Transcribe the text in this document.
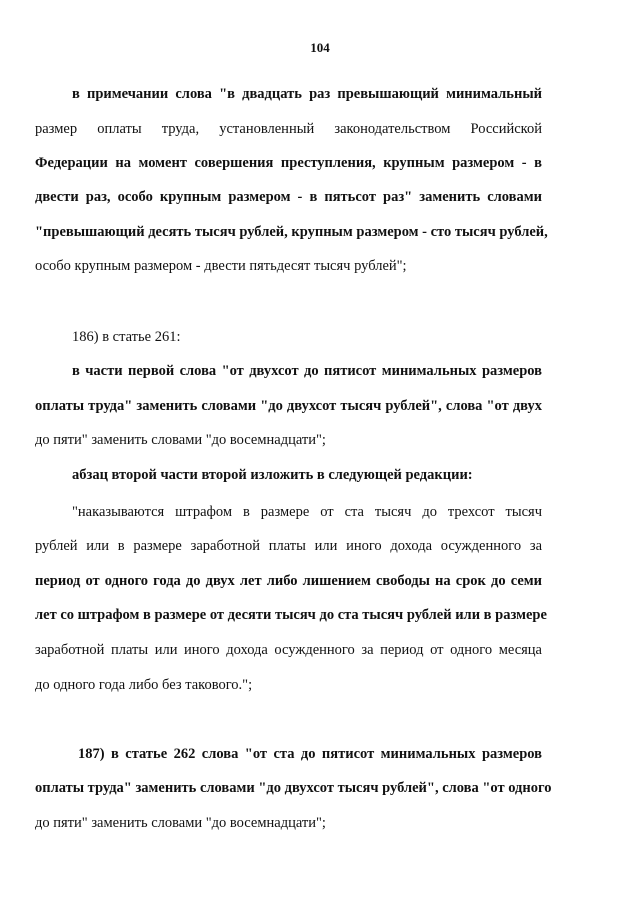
104
в примечании слова "в двадцать раз превышающий минимальный
размер оплаты труда, установленный законодательством Российской
Федерации на момент совершения преступления, крупным размером - в
двести раз, особо крупным размером - в пятьсот раз" заменить словами
"превышающий десять тысяч рублей, крупным размером - сто тысяч рублей,
особо крупным размером - двести пятьдесят тысяч рублей";
186) в статье 261:
в части первой слова "от двухсот до пятисот минимальных размеров
оплаты труда" заменить словами "до двухсот тысяч рублей", слова "от двух
до пяти" заменить словами "до восемнадцати";
абзац второй части второй изложить в следующей редакции:
"наказываются штрафом в размере от ста тысяч до трехсот тысяч
рублей или в размере заработной платы или иного дохода осужденного за
период от одного года до двух лет либо лишением свободы на срок до семи
лет со штрафом в размере от десяти тысяч до ста тысяч рублей или в размере
заработной платы или иного дохода осужденного за период от одного месяца
до одного года либо без такового.";
187) в статье 262 слова "от ста до пятисот минимальных размеров
оплаты труда" заменить словами "до двухсот тысяч рублей", слова "от одного
до пяти" заменить словами "до восемнадцати";
